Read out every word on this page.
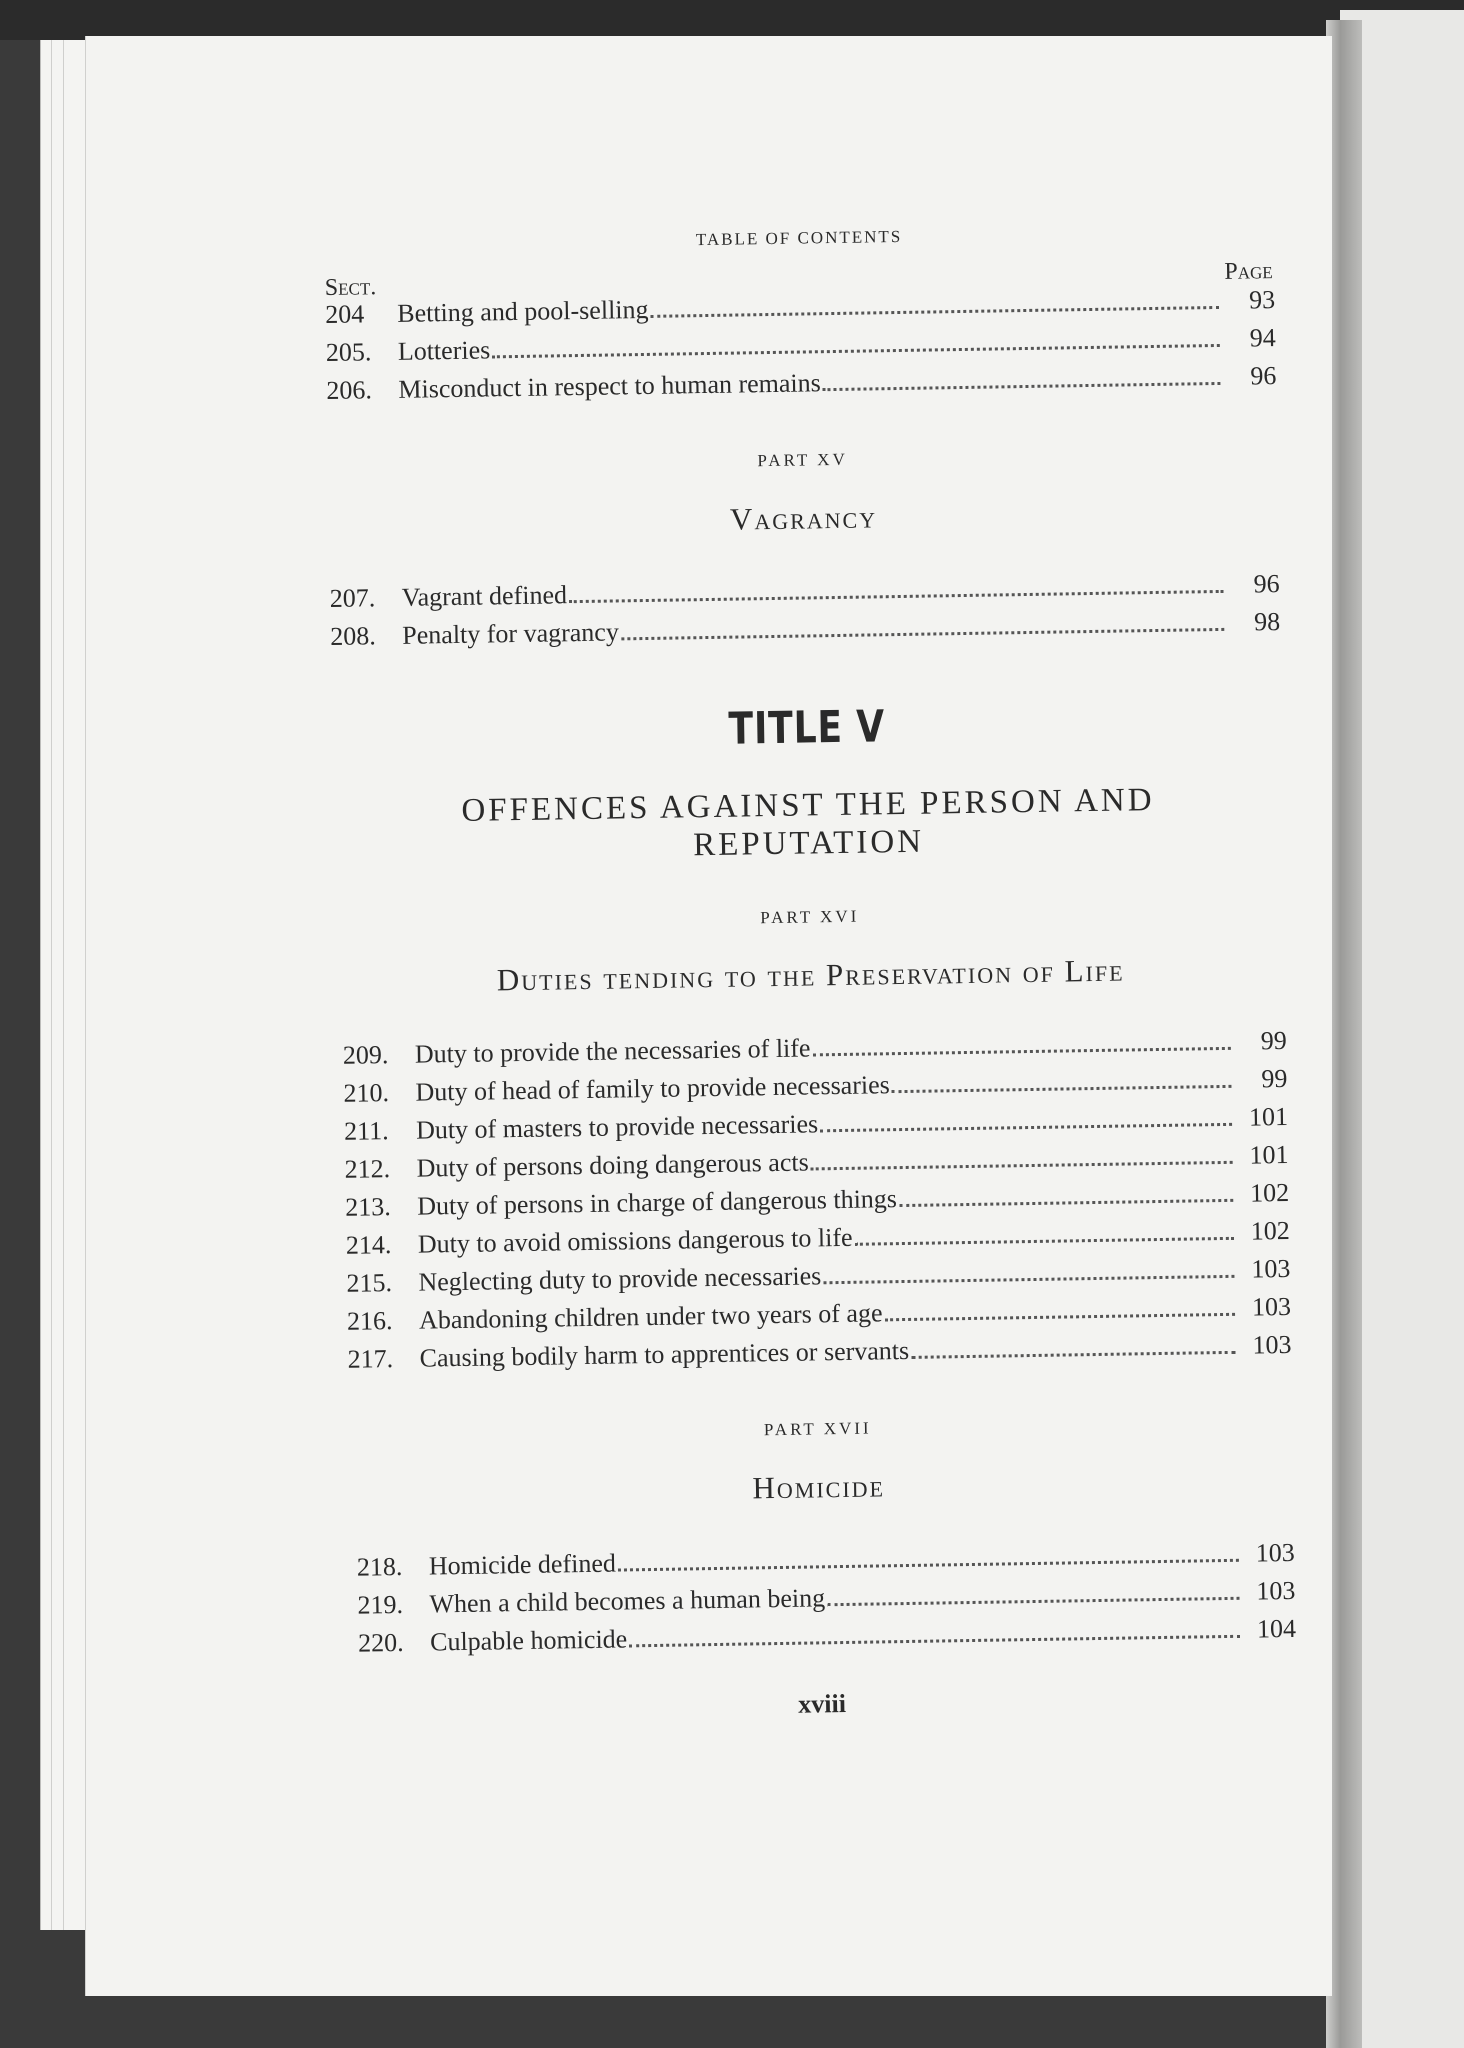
TABLE OF CONTENTS

Sect.
Page
204	Betting and pool-selling	93
205.	Lotteries	94
206.	Misconduct in respect to human remains	96

PART XV

Vagrancy

207.	Vagrant defined	96
208.	Penalty for vagrancy	98

TITLE V

OFFENCES AGAINST THE PERSON AND
REPUTATION

PART XVI

Duties tending to the Preservation of Life

209.	Duty to provide the necessaries of life	99
210.	Duty of head of family to provide necessaries	99
211.	Duty of masters to provide necessaries	101
212.	Duty of persons doing dangerous acts	101
213.	Duty of persons in charge of dangerous things	102
214.	Duty to avoid omissions dangerous to life	102
215.	Neglecting duty to provide necessaries	103
216.	Abandoning children under two years of age	103
217.	Causing bodily harm to apprentices or servants	103

PART XVII

Homicide

218.	Homicide defined	103
219.	When a child becomes a human being	103
220.	Culpable homicide	104

xviii
